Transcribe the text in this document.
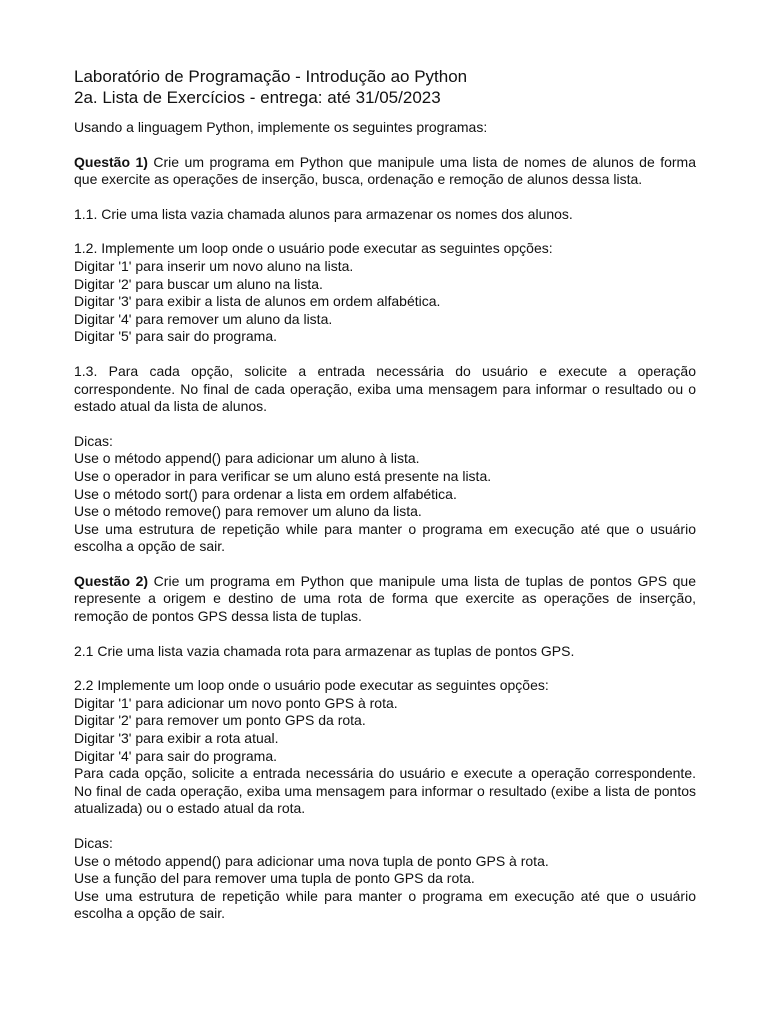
Laboratório de Programação - Introdução ao Python

2a. Lista de Exercícios - entrega: até 31/05/2023

Usando a linguagem Python, implemente os seguintes programas:

Questão 1) Crie um programa em Python que manipule uma lista de nomes de alunos de forma que exercite as operações de inserção, busca, ordenação e remoção de alunos dessa lista.

1.1. Crie uma lista vazia chamada alunos para armazenar os nomes dos alunos.

1.2. Implemente um loop onde o usuário pode executar as seguintes opções:

Digitar '1' para inserir um novo aluno na lista.

Digitar '2' para buscar um aluno na lista.

Digitar '3' para exibir a lista de alunos em ordem alfabética.

Digitar '4' para remover um aluno da lista.

Digitar '5' para sair do programa.

1.3. Para cada opção, solicite a entrada necessária do usuário e execute a operação correspondente. No final de cada operação, exiba uma mensagem para informar o resultado ou o estado atual da lista de alunos.

Dicas:

Use o método append() para adicionar um aluno à lista.

Use o operador in para verificar se um aluno está presente na lista.

Use o método sort() para ordenar a lista em ordem alfabética.

Use o método remove() para remover um aluno da lista.

Use uma estrutura de repetição while para manter o programa em execução até que o usuário escolha a opção de sair.

Questão 2) Crie um programa em Python que manipule uma lista de tuplas de pontos GPS que represente a origem e destino de uma rota de forma que exercite as operações de inserção, remoção de pontos GPS dessa lista de tuplas.

2.1 Crie uma lista vazia chamada rota para armazenar as tuplas de pontos GPS.

2.2 Implemente um loop onde o usuário pode executar as seguintes opções:

Digitar '1' para adicionar um novo ponto GPS à rota.

Digitar '2' para remover um ponto GPS da rota.

Digitar '3' para exibir a rota atual.

Digitar '4' para sair do programa.

Para cada opção, solicite a entrada necessária do usuário e execute a operação correspondente. No final de cada operação, exiba uma mensagem para informar o resultado (exibe a lista de pontos atualizada) ou o estado atual da rota.

Dicas:

Use o método append() para adicionar uma nova tupla de ponto GPS à rota.

Use a função del para remover uma tupla de ponto GPS da rota.

Use uma estrutura de repetição while para manter o programa em execução até que o usuário escolha a opção de sair.
